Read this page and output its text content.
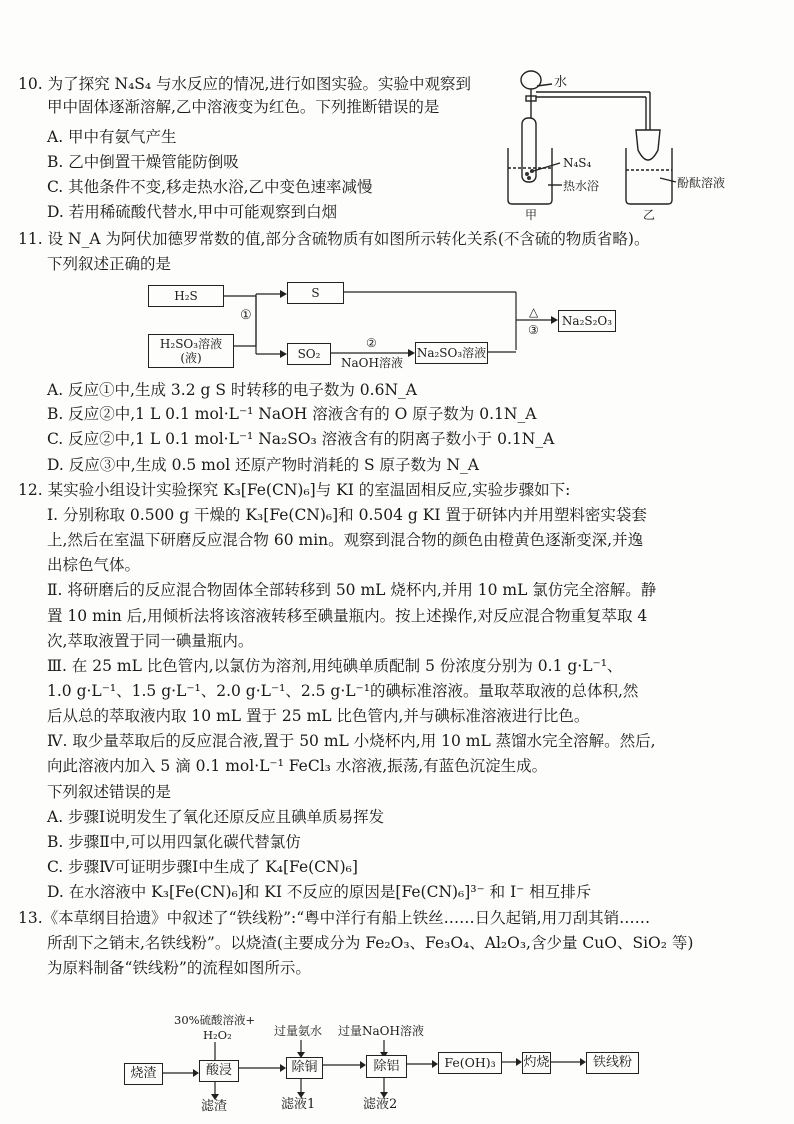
10. 为了探究 N₄S₄ 与水反应的情况,进行如图实验。实验中观察到
甲中固体逐渐溶解,乙中溶液变为红色。下列推断错误的是
A. 甲中有氨气产生
B. 乙中倒置干燥管能防倒吸
C. 其他条件不变,移走热水浴,乙中变色速率减慢
D. 若用稀硫酸代替水,甲中可能观察到白烟
水
N₄S₄
热水浴	酚酞溶液
甲	乙
11. 设 N_A 为阿伏加德罗常数的值,部分含硫物质有如图所示转化关系(不含硫的物质省略)。
下列叙述正确的是
H₂S
H₂SO₃溶液
(液)
①
S
SO₂
②
NaOH溶液
Na₂SO₃溶液
△
③
Na₂S₂O₃
A. 反应①中,生成 3.2 g S 时转移的电子数为 0.6N_A
B. 反应②中,1 L 0.1 mol·L⁻¹ NaOH 溶液含有的 O 原子数为 0.1N_A
C. 反应②中,1 L 0.1 mol·L⁻¹ Na₂SO₃ 溶液含有的阴离子数小于 0.1N_A
D. 反应③中,生成 0.5 mol 还原产物时消耗的 S 原子数为 N_A
12. 某实验小组设计实验探究 K₃[Fe(CN)₆]与 KI 的室温固相反应,实验步骤如下:
Ⅰ. 分别称取 0.500 g 干燥的 K₃[Fe(CN)₆]和 0.504 g KI 置于研钵内并用塑料密实袋套
上,然后在室温下研磨反应混合物 60 min。观察到混合物的颜色由橙黄色逐渐变深,并逸
出棕色气体。
Ⅱ. 将研磨后的反应混合物固体全部转移到 50 mL 烧杯内,并用 10 mL 氯仿完全溶解。静
置 10 min 后,用倾析法将该溶液转移至碘量瓶内。按上述操作,对反应混合物重复萃取 4
次,萃取液置于同一碘量瓶内。
Ⅲ. 在 25 mL 比色管内,以氯仿为溶剂,用纯碘单质配制 5 份浓度分别为 0.1 g·L⁻¹、
1.0 g·L⁻¹、1.5 g·L⁻¹、2.0 g·L⁻¹、2.5 g·L⁻¹的碘标准溶液。量取萃取液的总体积,然
后从总的萃取液内取 10 mL 置于 25 mL 比色管内,并与碘标准溶液进行比色。
Ⅳ. 取少量萃取后的反应混合液,置于 50 mL 小烧杯内,用 10 mL 蒸馏水完全溶解。然后,
向此溶液内加入 5 滴 0.1 mol·L⁻¹ FeCl₃ 水溶液,振荡,有蓝色沉淀生成。
下列叙述错误的是
A. 步骤Ⅰ说明发生了氧化还原反应且碘单质易挥发
B. 步骤Ⅱ中,可以用四氯化碳代替氯仿
C. 步骤Ⅳ可证明步骤Ⅰ中生成了 K₄[Fe(CN)₆]
D. 在水溶液中 K₃[Fe(CN)₆]和 KI 不反应的原因是[Fe(CN)₆]³⁻ 和 I⁻ 相互排斥
13.《本草纲目拾遗》中叙述了“铁线粉”:“粤中洋行有船上铁丝……日久起销,用刀刮其销……
所刮下之销末,名铁线粉”。以烧渣(主要成分为 Fe₂O₃、Fe₃O₄、Al₂O₃,含少量 CuO、SiO₂ 等)
为原料制备“铁线粉”的流程如图所示。
烧渣
30%硫酸溶液+
H₂O₂
酸浸
滤渣
过量氨水
除铜
滤液1
过量NaOH溶液
除铝
滤液2
Fe(OH)₃	灼烧	铁线粉
